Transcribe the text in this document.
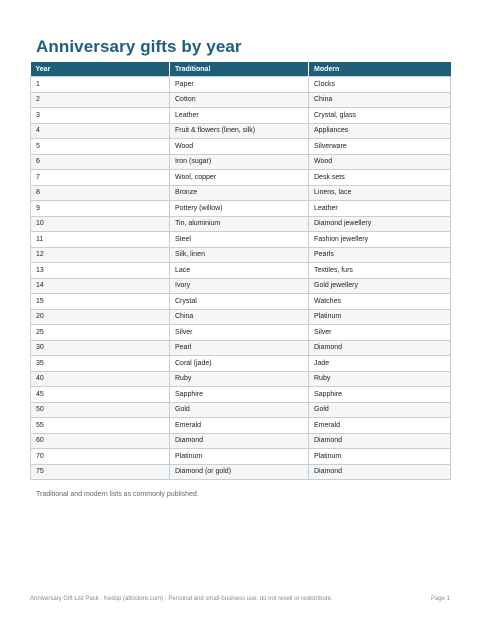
Anniversary gifts by year
Year	Traditional	Modern
1	Paper	Clocks
2	Cotton	China
3	Leather	Crystal, glass
4	Fruit & flowers (linen, silk)	Appliances
5	Wood	Silverware
6	Iron (sugar)	Wood
7	Wool, copper	Desk sets
8	Bronze	Linens, lace
9	Pottery (willow)	Leather
10	Tin, aluminium	Diamond jewellery
11	Steel	Fashion jewellery
12	Silk, linen	Pearls
13	Lace	Textiles, furs
14	Ivory	Gold jewellery
15	Crystal	Watches
20	China	Platinum
25	Silver	Silver
30	Pearl	Diamond
35	Coral (jade)	Jade
40	Ruby	Ruby
45	Sapphire	Sapphire
50	Gold	Gold
55	Emerald	Emerald
60	Diamond	Diamond
70	Platinum	Platinum
75	Diamond (or gold)	Diamond
Traditional and modern lists as commonly published.
Anniversary Gift List Pack · Kedop (altostore.com) · Personal and small-business use; do not resell or redistribute.	Page 1
